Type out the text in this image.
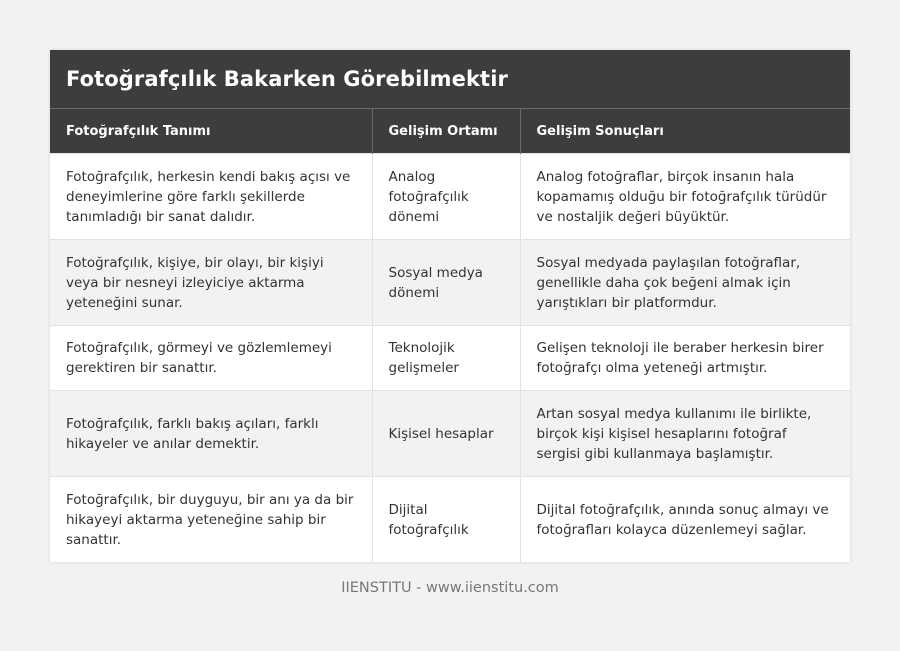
Fotoğrafçılık Bakarken Görebilmektir
Fotoğrafçılık Tanımı	Gelişim Ortamı	Gelişim Sonuçları
Fotoğrafçılık, herkesin kendi bakış açısı ve deneyimlerine göre farklı şekillerde tanımladığı bir sanat dalıdır.	Analog fotoğrafçılık dönemi	Analog fotoğraflar, birçok insanın hala kopamamış olduğu bir fotoğrafçılık türüdür ve nostaljik değeri büyüktür.
Fotoğrafçılık, kişiye, bir olayı, bir kişiyi veya bir nesneyi izleyiciye aktarma yeteneğini sunar.	Sosyal medya dönemi	Sosyal medyada paylaşılan fotoğraflar, genellikle daha çok beğeni almak için yarıştıkları bir platformdur.
Fotoğrafçılık, görmeyi ve gözlemlemeyi gerektiren bir sanattır.	Teknolojik gelişmeler	Gelişen teknoloji ile beraber herkesin birer fotoğrafçı olma yeteneği artmıştır.
Fotoğrafçılık, farklı bakış açıları, farklı hikayeler ve anılar demektir.	Kişisel hesaplar	Artan sosyal medya kullanımı ile birlikte, birçok kişi kişisel hesaplarını fotoğraf sergisi gibi kullanmaya başlamıştır.
Fotoğrafçılık, bir duyguyu, bir anı ya da bir hikayeyi aktarma yeteneğine sahip bir sanattır.	Dijital fotoğrafçılık	Dijital fotoğrafçılık, anında sonuç almayı ve fotoğrafları kolayca düzenlemeyi sağlar.
IIENSTITU - www.iienstitu.com
